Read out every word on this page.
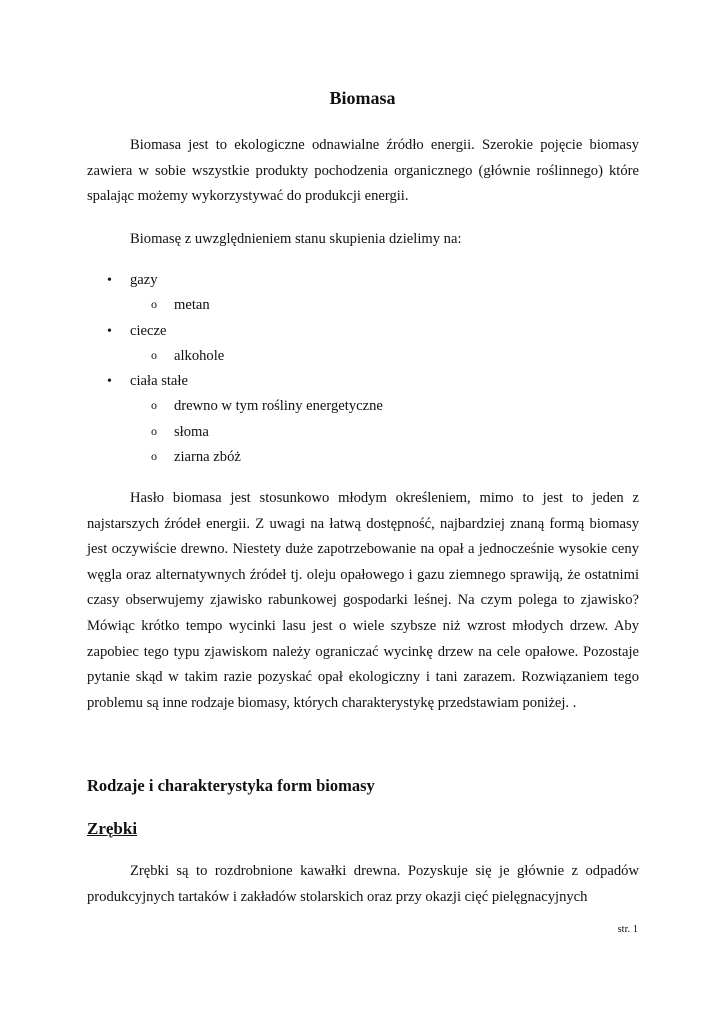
Biomasa

Biomasa jest to ekologiczne odnawialne źródło energii. Szerokie pojęcie biomasy zawiera w sobie wszystkie produkty pochodzenia organicznego (głównie roślinnego) które spalając możemy wykorzystywać do produkcji energii.

Biomasę z uwzględnieniem stanu skupienia dzielimy na:

• gazy
o metan
• ciecze
o alkohole
• ciała stałe
o drewno w tym rośliny energetyczne
o słoma
o ziarna zbóż

Hasło biomasa jest stosunkowo młodym określeniem, mimo to jest to jeden z najstarszych źródeł energii. Z uwagi na łatwą dostępność, najbardziej znaną formą biomasy jest oczywiście drewno. Niestety duże zapotrzebowanie na opał a jednocześnie wysokie ceny węgla oraz alternatywnych źródeł tj. oleju opałowego i gazu ziemnego sprawiją, że ostatnimi czasy obserwujemy zjawisko rabunkowej gospodarki leśnej. Na czym polega to zjawisko? Mówiąc krótko tempo wycinki lasu jest o wiele szybsze niż wzrost młodych drzew. Aby zapobiec tego typu zjawiskom należy ograniczać wycinkę drzew na cele opałowe. Pozostaje pytanie skąd w takim razie pozyskać opał ekologiczny i tani zarazem. Rozwiązaniem tego problemu są inne rodzaje biomasy, których charakterystykę przedstawiam poniżej. .

Rodzaje i charakterystyka form biomasy
Zrębki

Zrębki są to rozdrobnione kawałki drewna. Pozyskuje się je głównie z odpadów produkcyjnych tartaków i zakładów stolarskich oraz przy okazji cięć pielęgnacyjnych

str. 1
